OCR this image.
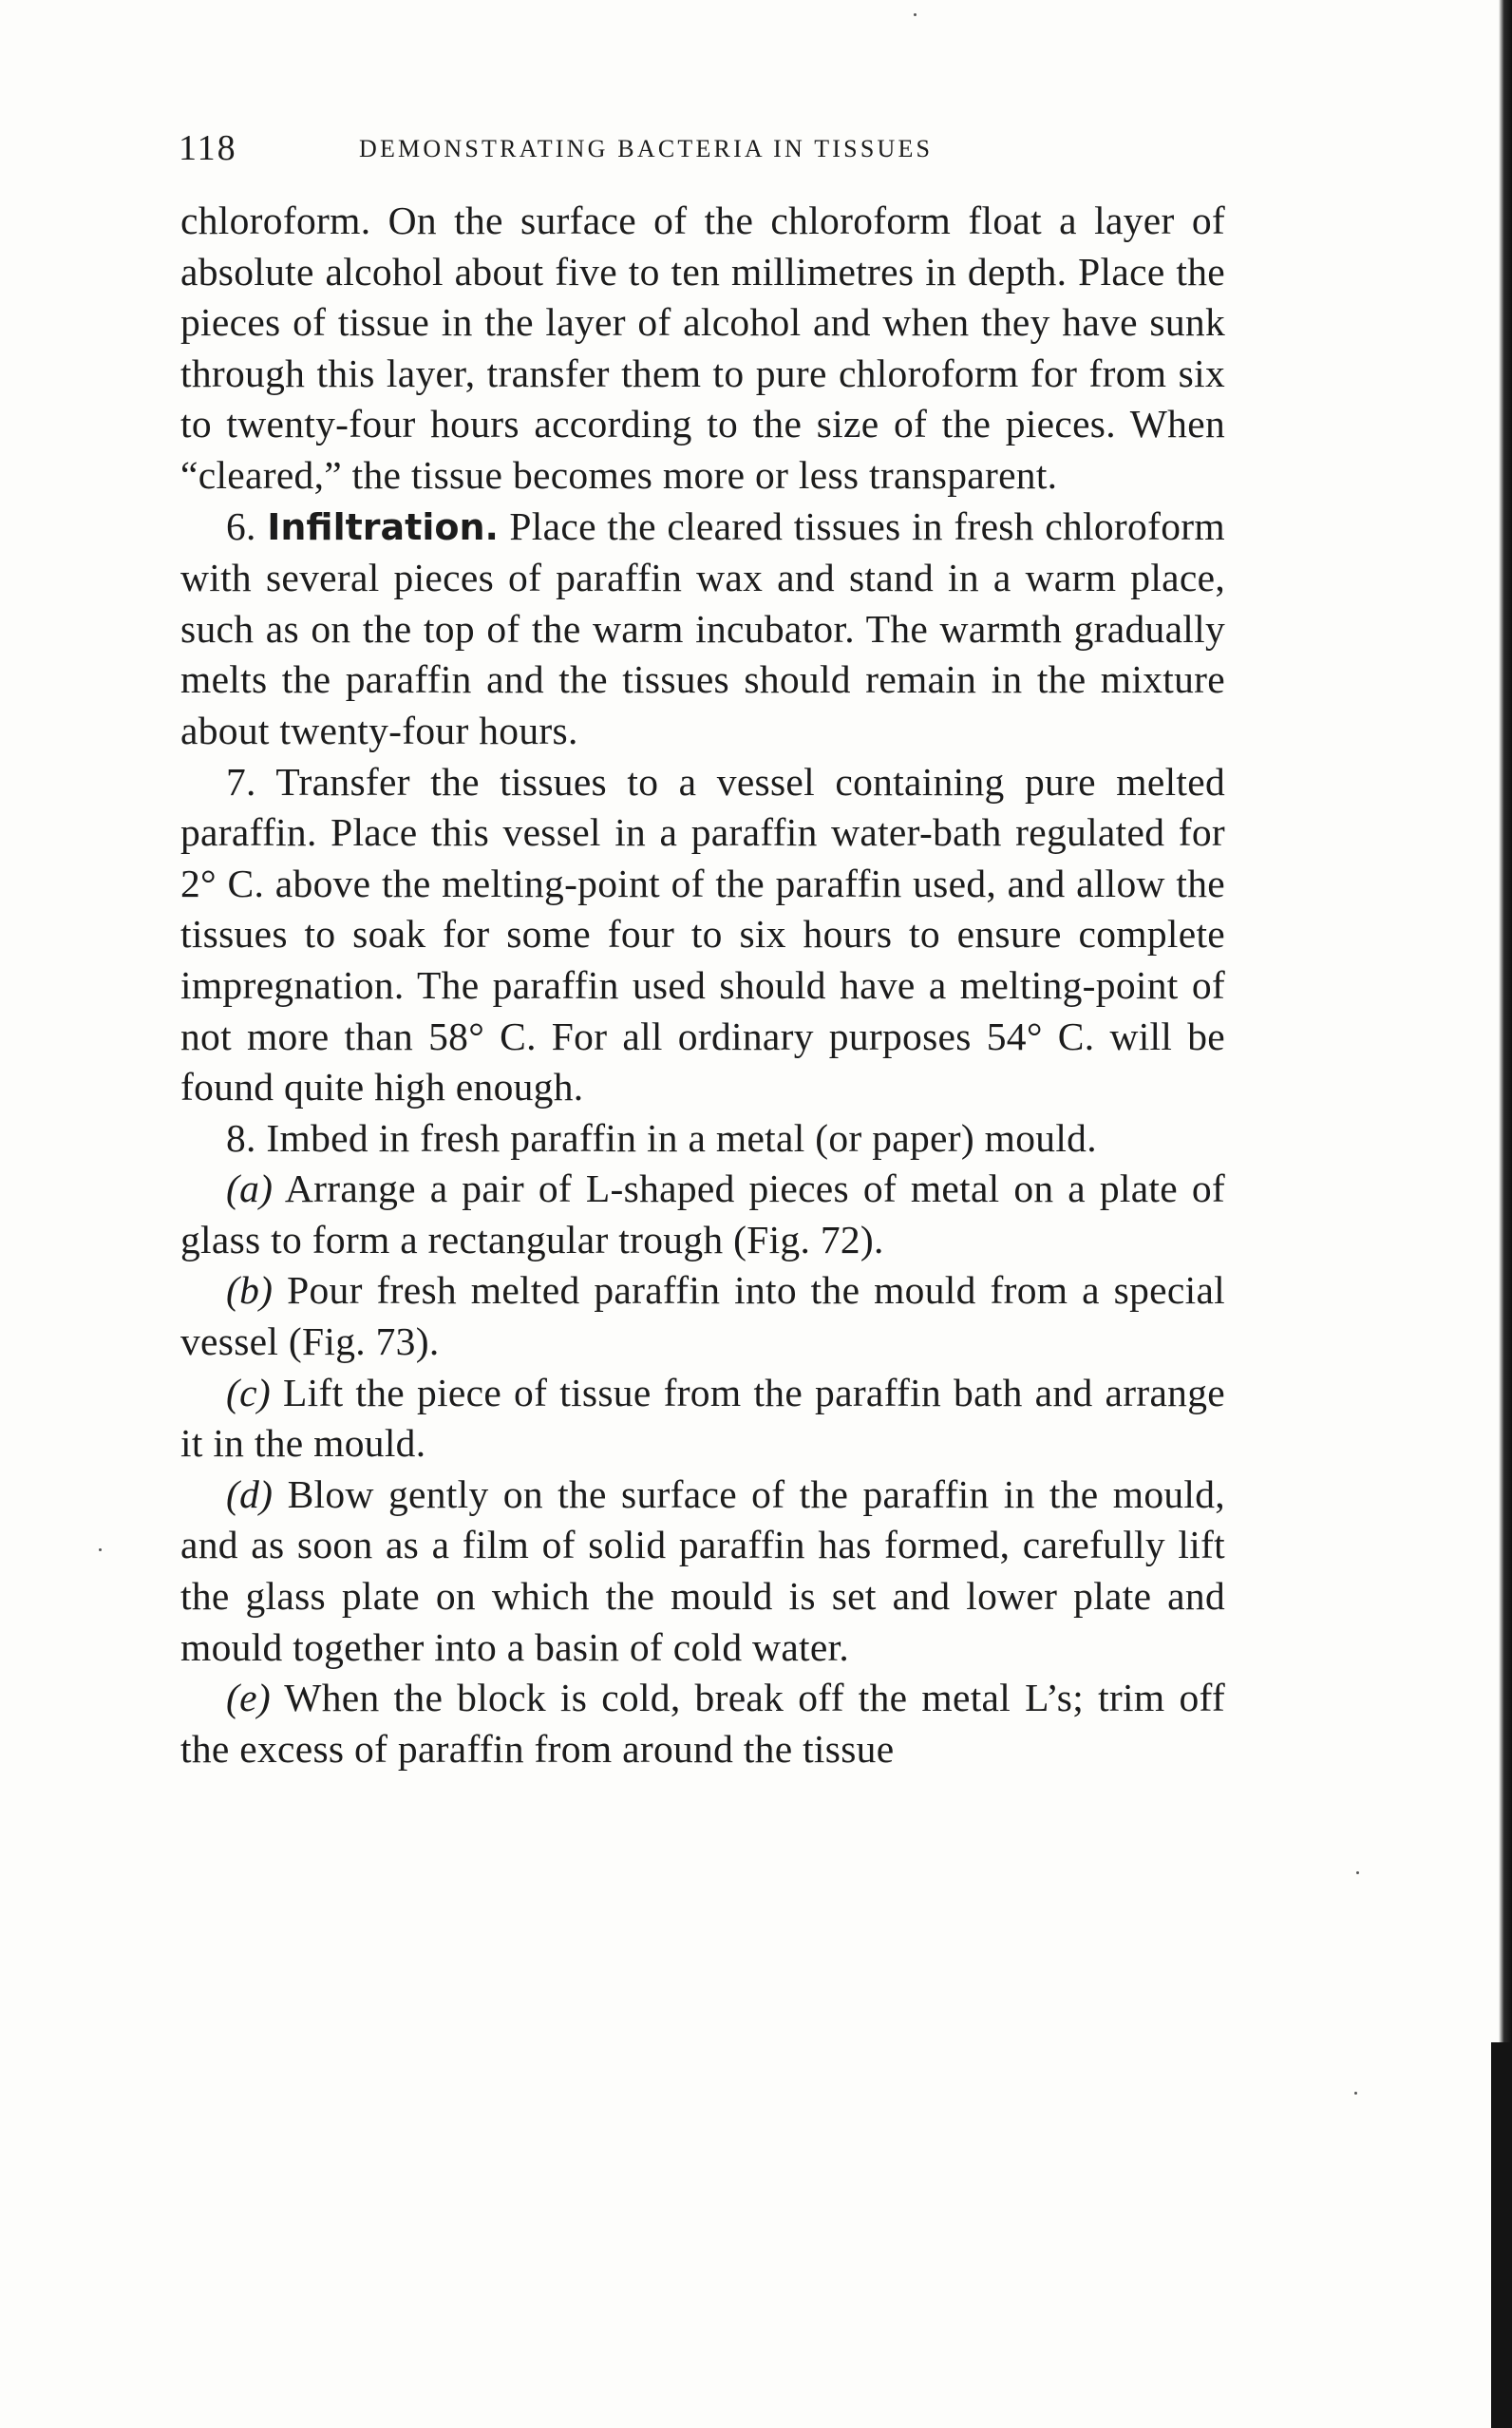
118	DEMONSTRATING BACTERIA IN TISSUES

chloroform. On the surface of the chloroform float a layer of absolute alcohol about five to ten millimetres in depth. Place the pieces of tissue in the layer of alcohol and when they have sunk through this layer, transfer them to pure chloroform for from six to twenty-four hours according to the size of the pieces. When “cleared,” the tissue becomes more or less transparent.

6. Infiltration. Place the cleared tissues in fresh chloroform with several pieces of paraffin wax and stand in a warm place, such as on the top of the warm incubator. The warmth gradually melts the paraffin and the tissues should remain in the mixture about twenty-four hours.

7. Transfer the tissues to a vessel containing pure melted paraffin. Place this vessel in a paraffin water-bath regulated for 2° C. above the melting-point of the paraffin used, and allow the tissues to soak for some four to six hours to ensure complete impregnation. The paraffin used should have a melting-point of not more than 58° C. For all ordinary purposes 54° C. will be found quite high enough.

8. Imbed in fresh paraffin in a metal (or paper) mould.

(a) Arrange a pair of L-shaped pieces of metal on a plate of glass to form a rectangular trough (Fig. 72).

(b) Pour fresh melted paraffin into the mould from a special vessel (Fig. 73).

(c) Lift the piece of tissue from the paraffin bath and arrange it in the mould.

(d) Blow gently on the surface of the paraffin in the mould, and as soon as a film of solid paraffin has formed, carefully lift the glass plate on which the mould is set and lower plate and mould together into a basin of cold water.

(e) When the block is cold, break off the metal L’s; trim off the excess of paraffin from around the tissue
